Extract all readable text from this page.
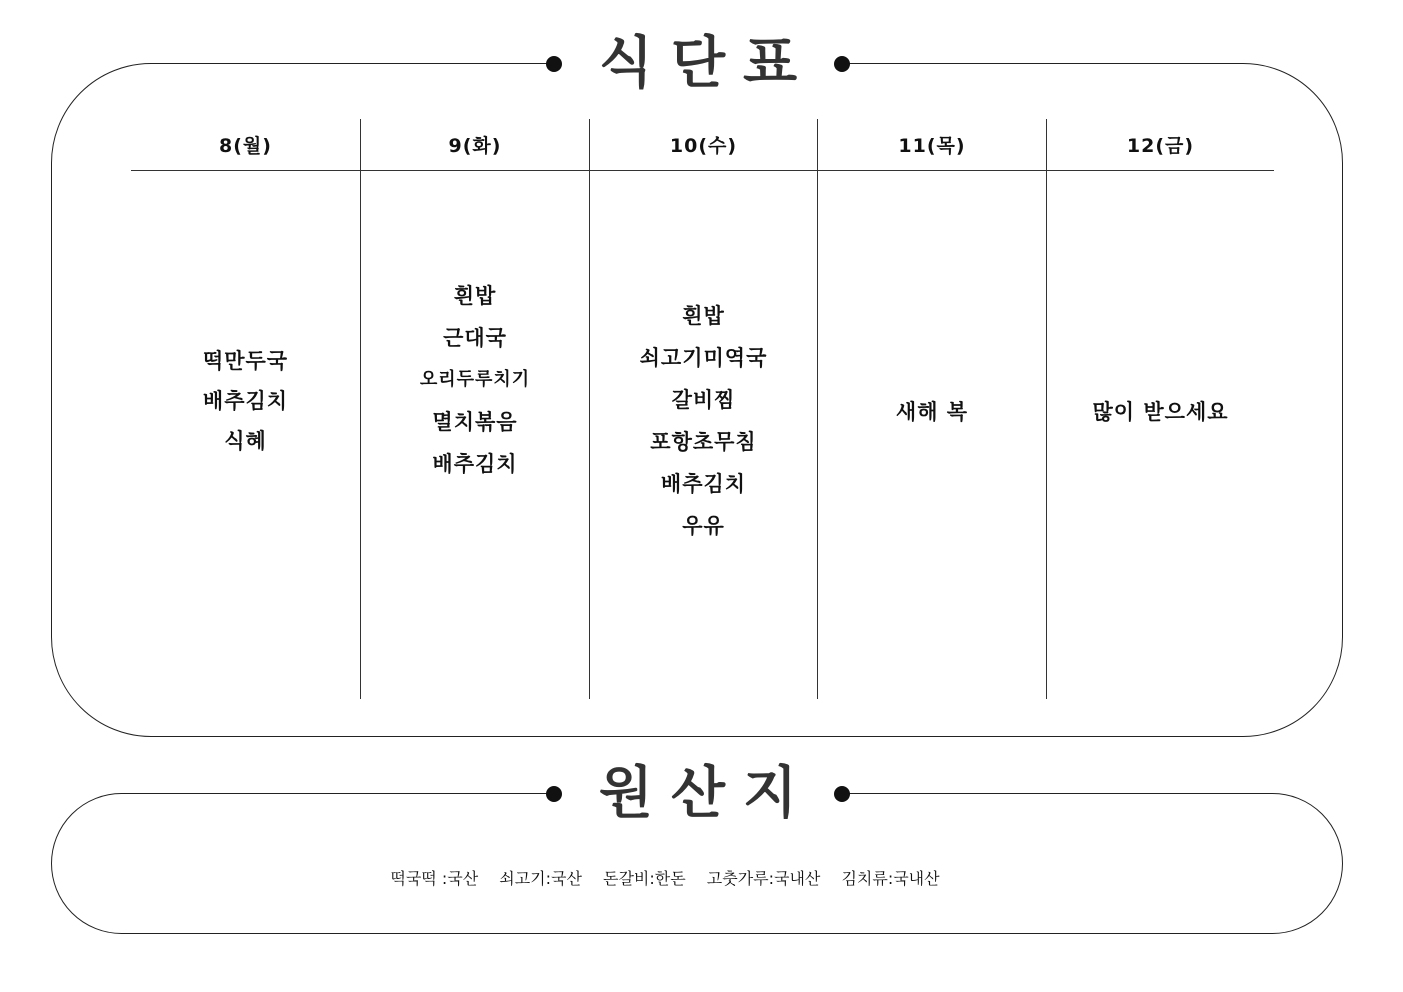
식단표
8(월)
떡만두국
배추김치
식혜
9(화)
흰밥
근대국
오리두루치기
멸치볶음
배추김치
10(수)
흰밥
쇠고기미역국
갈비찜
포항초무침
배추김치
우유
11(목)
새해 복
12(금)
많이 받으세요
원산지
떡국떡 :국산 쇠고기:국산 돈갈비:한돈 고춧가루:국내산 김치류:국내산
